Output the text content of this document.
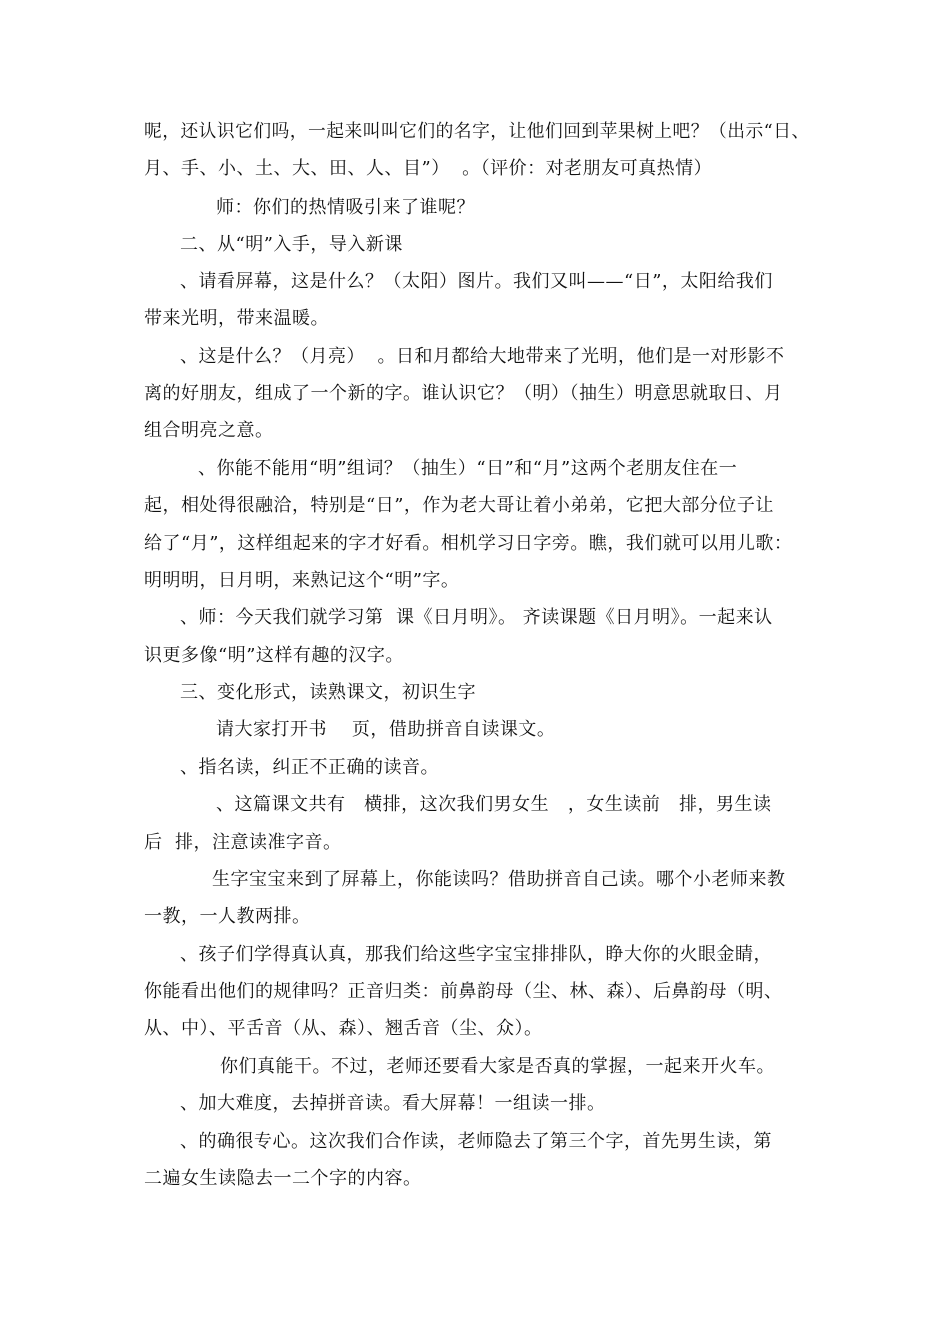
呢，还认识它们吗，一起来叫叫它们的名字，让他们回到苹果树上吧？（出示“日、
月、手、小、土、大、田、人、目”）  。（评价：对老朋友可真热情）
师：你们的热情吸引来了谁呢？
二、从“明”入手，导入新课
、请看屏幕，这是什么？（太阳）图片。我们又叫——“日”，太阳给我们
带来光明，带来温暖。
、这是什么？（月亮）  。日和月都给大地带来了光明，他们是一对形影不
离的好朋友，组成了一个新的字。谁认识它？（明）（抽生）明意思就取日、月
组合明亮之意。
、你能不能用“明”组词？（抽生）“日”和“月”这两个老朋友住在一
起，相处得很融洽，特别是“日”，作为老大哥让着小弟弟，它把大部分位子让
给了“月”，这样组起来的字才好看。相机学习日字旁。瞧，我们就可以用儿歌：
明明明，日月明，来熟记这个“明”字。
、师：今天我们就学习第  课《日月明》。 齐读课题《日月明》。一起来认
识更多像“明”这样有趣的汉字。
三、变化形式，读熟课文，初识生字
请大家打开书    页，借助拼音自读课文。
、指名读，纠正不正确的读音。
、这篇课文共有   横排，这次我们男女生   ，女生读前   排，男生读
后  排，注意读准字音。
生字宝宝来到了屏幕上，你能读吗？借助拼音自己读。哪个小老师来教
一教，一人教两排。
、孩子们学得真认真，那我们给这些字宝宝排排队，睁大你的火眼金睛，
你能看出他们的规律吗？正音归类：前鼻韵母（尘、林、森）、后鼻韵母（明、
从、中）、平舌音（从、森）、翘舌音（尘、众）。
你们真能干。不过，老师还要看大家是否真的掌握，一起来开火车。
、加大难度，去掉拼音读。看大屏幕！一组读一排。
、的确很专心。这次我们合作读，老师隐去了第三个字，首先男生读，第
二遍女生读隐去一二个字的内容。
